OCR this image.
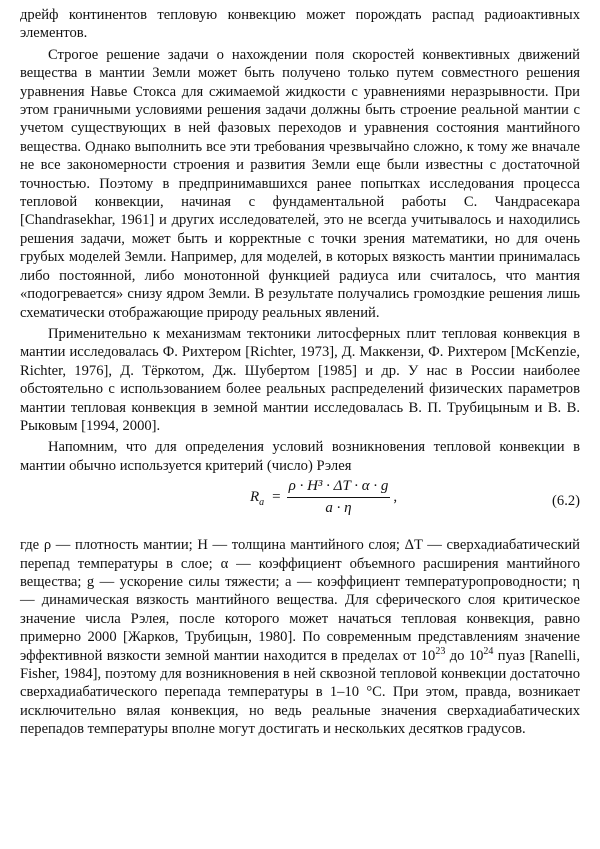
дрейф континентов тепловую конвекцию может порождать распад радиоактивных элементов.

Строгое решение задачи о нахождении поля скоростей конвективных движений вещества в мантии Земли может быть получено только путем совместного решения уравнения Навье Стокса для сжимаемой жидкости с уравнениями неразрывности. При этом граничными условиями решения задачи должны быть строение реальной мантии с учетом существующих в ней фазовых переходов и уравнения состояния мантийного вещества. Однако выполнить все эти требования чрезвычайно сложно, к тому же вначале не все закономерности строения и развития Земли еще были известны с достаточной точностью. Поэтому в предпринимавшихся ранее попытках исследования процесса тепловой конвекции, начиная с фундаментальной работы С. Чандрасекара [Chandrasekhar, 1961] и других исследователей, это не всегда учитывалось и находились решения задачи, может быть и корректные с точки зрения математики, но для очень грубых моделей Земли. Например, для моделей, в которых вязкость мантии принималась либо постоянной, либо монотонной функцией радиуса или считалось, что мантия «подогревается» снизу ядром Земли. В результате получались громоздкие решения лишь схематически отображающие природу реальных явлений.

Применительно к механизмам тектоники литосферных плит тепловая конвекция в мантии исследовалась Ф. Рихтером [Richter, 1973], Д. Маккензи, Ф. Рихтером [McKenzie, Richter, 1976], Д. Тёркотом, Дж. Шубертом [1985] и др. У нас в России наиболее обстоятельно с использованием более реальных распределений физических параметров мантии тепловая конвекция в земной мантии исследовалась В. П. Трубицыным и В. В. Рыковым [1994, 2000].

Напомним, что для определения условий возникновения тепловой конвекции в мантии обычно используется критерий (число) Рэлея

$R_a = \frac{\text{ρ · H³ · ΔT · α · g}}{a \cdot \eta}$ ,	(6.2)

где ρ — плотность мантии; H — толщина мантийного слоя; ΔT — сверхадиабатический перепад температуры в слое; α — коэффициент объемного расширения мантийного вещества; g — ускорение силы тяжести; a — коэффициент температуропроводности; η — динамическая вязкость мантийного вещества. Для сферического слоя критическое значение числа Рэлея, после которого может начаться тепловая конвекция, равно примерно 2000 [Жарков, Трубицын, 1980]. По современным представлениям значение эффективной вязкости земной мантии находится в пределах от $10^{23}$ до $10^{24}$ пуаз [Ranelli, Fisher, 1984], поэтому для возникновения в ней сквозной тепловой конвекции достаточно сверхадиабатического перепада температуры в 1–10 °С. При этом, правда, возникает исключительно вялая конвекция, но ведь реальные значения сверхадиабатических перепадов температуры вполне могут достигать и нескольких десятков градусов.
